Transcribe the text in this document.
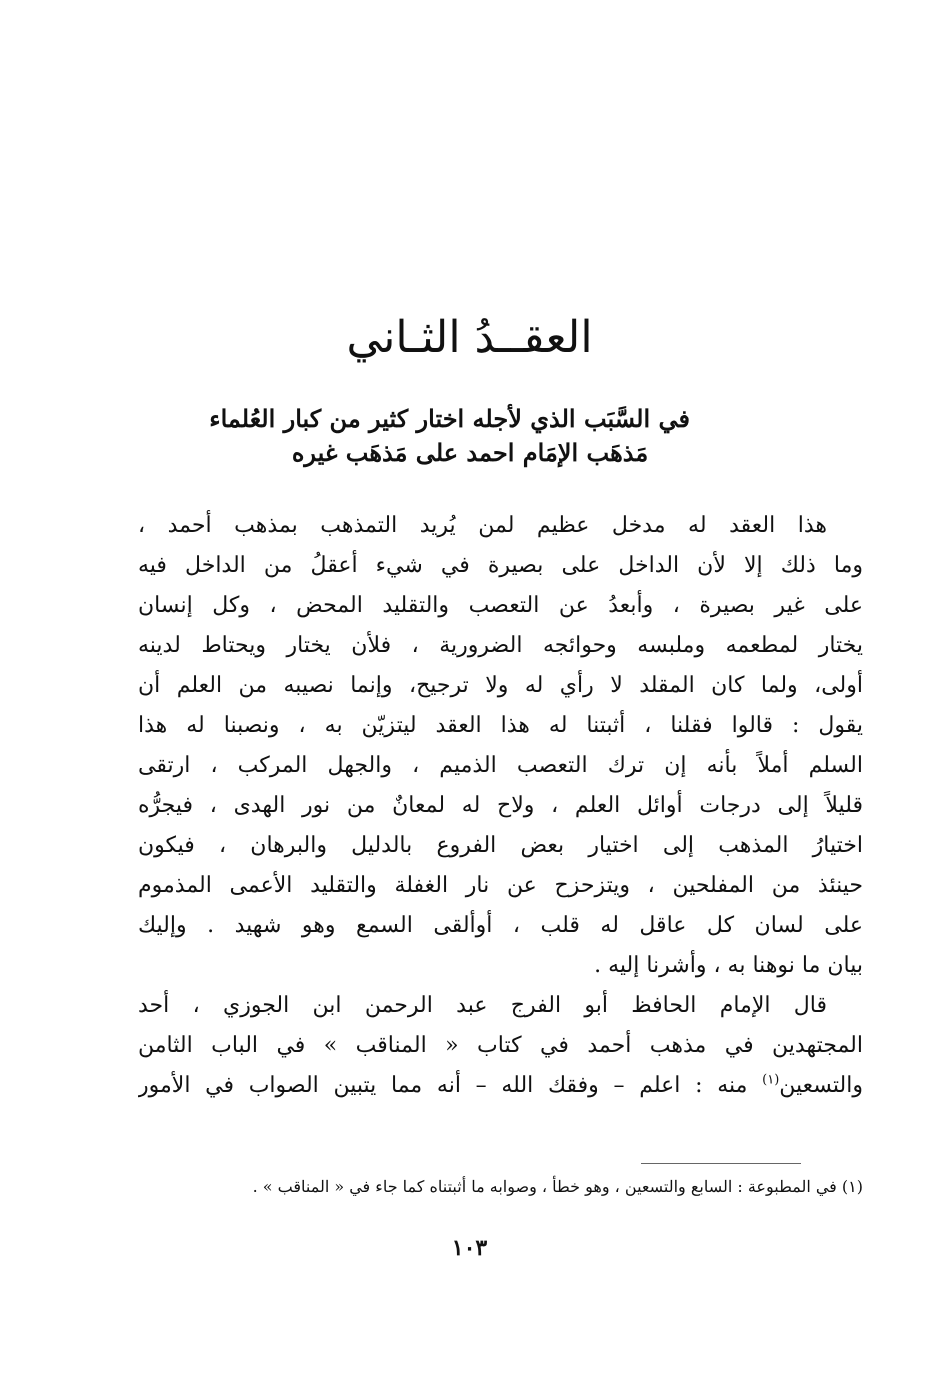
العقــدُ الثـاني
في السَّبَب الذي لأجله اختار كثير من كبار العُلماء
مَذهَب الإمَام احمد على مَذهَب غيره
هذا العقد له مدخل عظيم لمن يُريد التمذهب بمذهب أحمد ،
وما ذلك إلا لأن الداخل على بصيرة في شيء أعقلُ من الداخل فيه
على غير بصيرة ، وأبعدُ عن التعصب والتقليد المحض ، وكل إنسان
يختار لمطعمه وملبسه وحوائجه الضرورية ، فلأن يختار ويحتاط لدينه
أولى، ولما كان المقلد لا رأي له ولا ترجيح، وإنما نصيبه من العلم أن
يقول : قالوا فقلنا ، أثبتنا له هذا العقد ليتزيّن به ، ونصبنا له هذا
السلم أملاً بأنه إن ترك التعصب الذميم ، والجهل المركب ، ارتقى
قليلاً إلى درجات أوائل العلم ، ولاح له لمعانٌ من نور الهدى ، فيجرُّه
اختيارُ المذهب إلى اختيار بعض الفروع بالدليل والبرهان ، فيكون
حينئذ من المفلحين ، ويتزحزح عن نار الغفلة والتقليد الأعمى المذموم
على لسان كل عاقل له قلب ، أوألقى السمع وهو شهيد . وإليك
بيان ما نوهنا به ، وأشرنا إليه .
قال الإمام الحافظ أبو الفرج عبد الرحمن ابن الجوزي ، أحد
المجتهدين في مذهب أحمد في كتاب « المناقب » في الباب الثامن
والتسعين$^{(١)}$ منه : اعلم – وفقك الله – أنه مما يتبين الصواب في الأمور
(١) في المطبوعة : السابع والتسعين ، وهو خطأ ، وصوابه ما أثبتناه كما جاء في « المناقب » .
١٠٣
